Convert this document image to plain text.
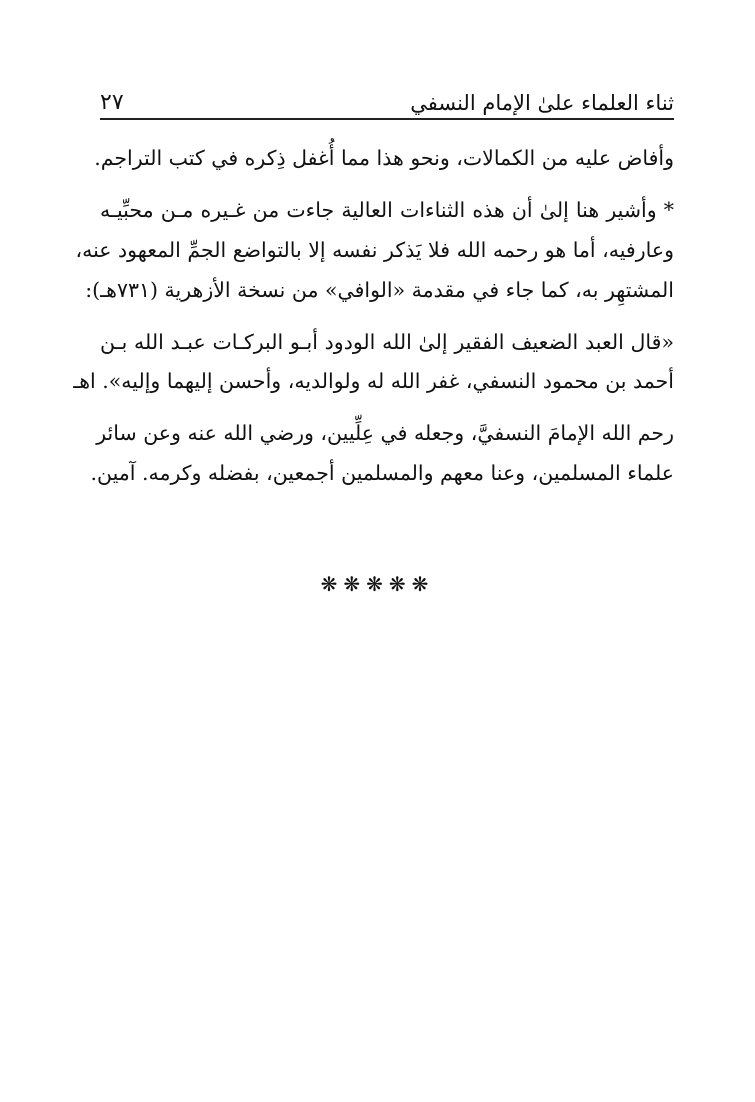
ثناء العلماء علىٰ الإمام النسفي
٢٧
وأفاض عليه من الكمالات، ونحو هذا مما أُغفل ذِكره في كتب التراجم.
* وأشير هنا إلىٰ أن هذه الثناءات العالية جاءت من غـيره مـن محبِّيـه
وعارفيه، أما هو رحمه الله فلا يَذكر نفسه إلا بالتواضع الجمِّ المعهود عنه،
المشتهِر به، كما جاء في مقدمة «الوافي» من نسخة الأزهرية (٧٣١هـ):
«قال العبد الضعيف الفقير إلىٰ الله الودود أبـو البركـات عبـد الله بـن
أحمد بن محمود النسفي، غفر الله له ولوالديه، وأحسن إليهما وإليه». اهـ
رحم الله الإمامَ النسفيَّ، وجعله في عِلِّيين، ورضي الله عنه وعن سائر
علماء المسلمين، وعنا معهم والمسلمين أجمعين، بفضله وكرمه. آمين.
❋❋❋❋❋
